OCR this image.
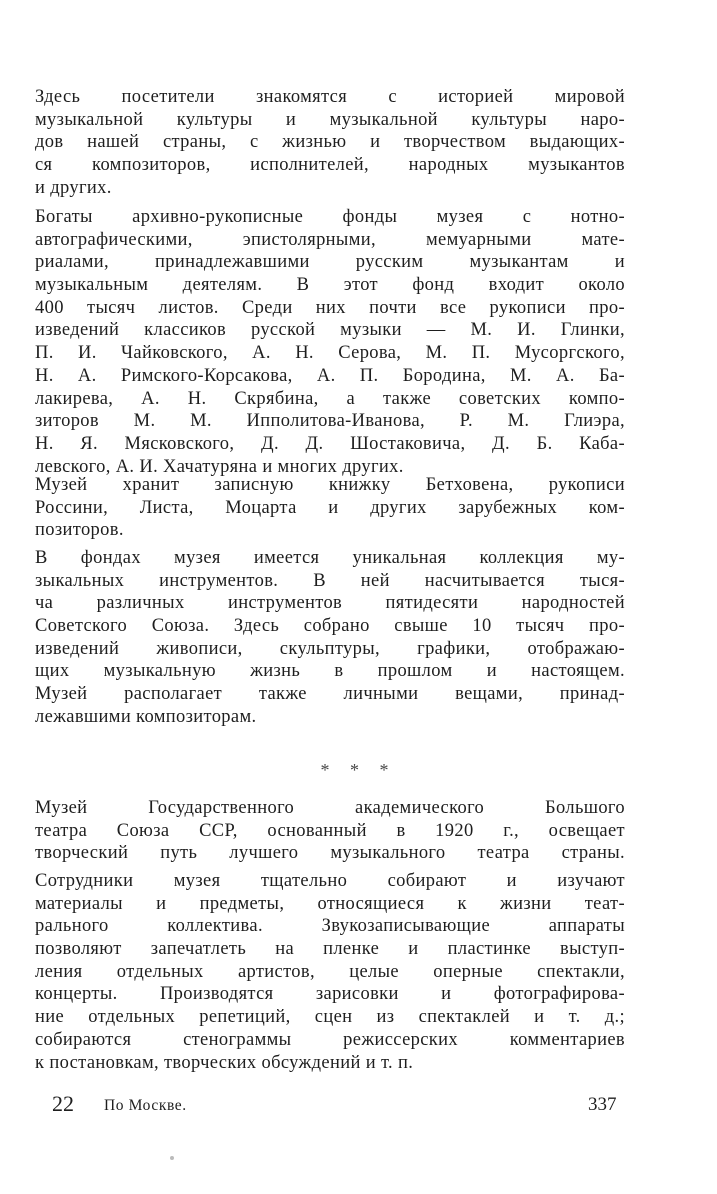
Здесь посетители знакомятся с историей мировой
музыкальной культуры и музыкальной культуры наро-
дов нашей страны, с жизнью и творчеством выдающих-
ся композиторов, исполнителей, народных музыкантов
и других.
Богаты архивно-рукописные фонды музея с нотно-
автографическими, эпистолярными, мемуарными мате-
риалами, принадлежавшими русским музыкантам и
музыкальным деятелям. В этот фонд входит около
400 тысяч листов. Среди них почти все рукописи про-
изведений классиков русской музыки — М. И. Глинки,
П. И. Чайковского, А. Н. Серова, М. П. Мусоргского,
Н. А. Римского-Корсакова, А. П. Бородина, М. А. Ба-
лакирева, А. Н. Скрябина, а также советских компо-
зиторов М. М. Ипполитова-Иванова, Р. М. Глиэра,
Н. Я. Мясковского, Д. Д. Шостаковича, Д. Б. Каба-
левского, А. И. Хачатуряна и многих других.
Музей хранит записную книжку Бетховена, рукописи
Россини, Листа, Моцарта и других зарубежных ком-
позиторов.
В фондах музея имеется уникальная коллекция му-
зыкальных инструментов. В ней насчитывается тыся-
ча различных инструментов пятидесяти народностей
Советского Союза. Здесь собрано свыше 10 тысяч про-
изведений живописи, скульптуры, графики, отображаю-
щих музыкальную жизнь в прошлом и настоящем.
Музей располагает также личными вещами, принад-
лежавшими композиторам.
* * *
Музей Государственного академического Большого
театра Союза ССР, основанный в 1920 г., освещает
творческий путь лучшего музыкального театра страны.
Сотрудники музея тщательно собирают и изучают
материалы и предметы, относящиеся к жизни теат-
рального коллектива. Звукозаписывающие аппараты
позволяют запечатлеть на пленке и пластинке выступ-
ления отдельных артистов, целые оперные спектакли,
концерты. Производятся зарисовки и фотографирова-
ние отдельных репетиций, сцен из спектаклей и т. д.;
собираются стенограммы режиссерских комментариев
к постановкам, творческих обсуждений и т. п.
22 По Москве.	337
